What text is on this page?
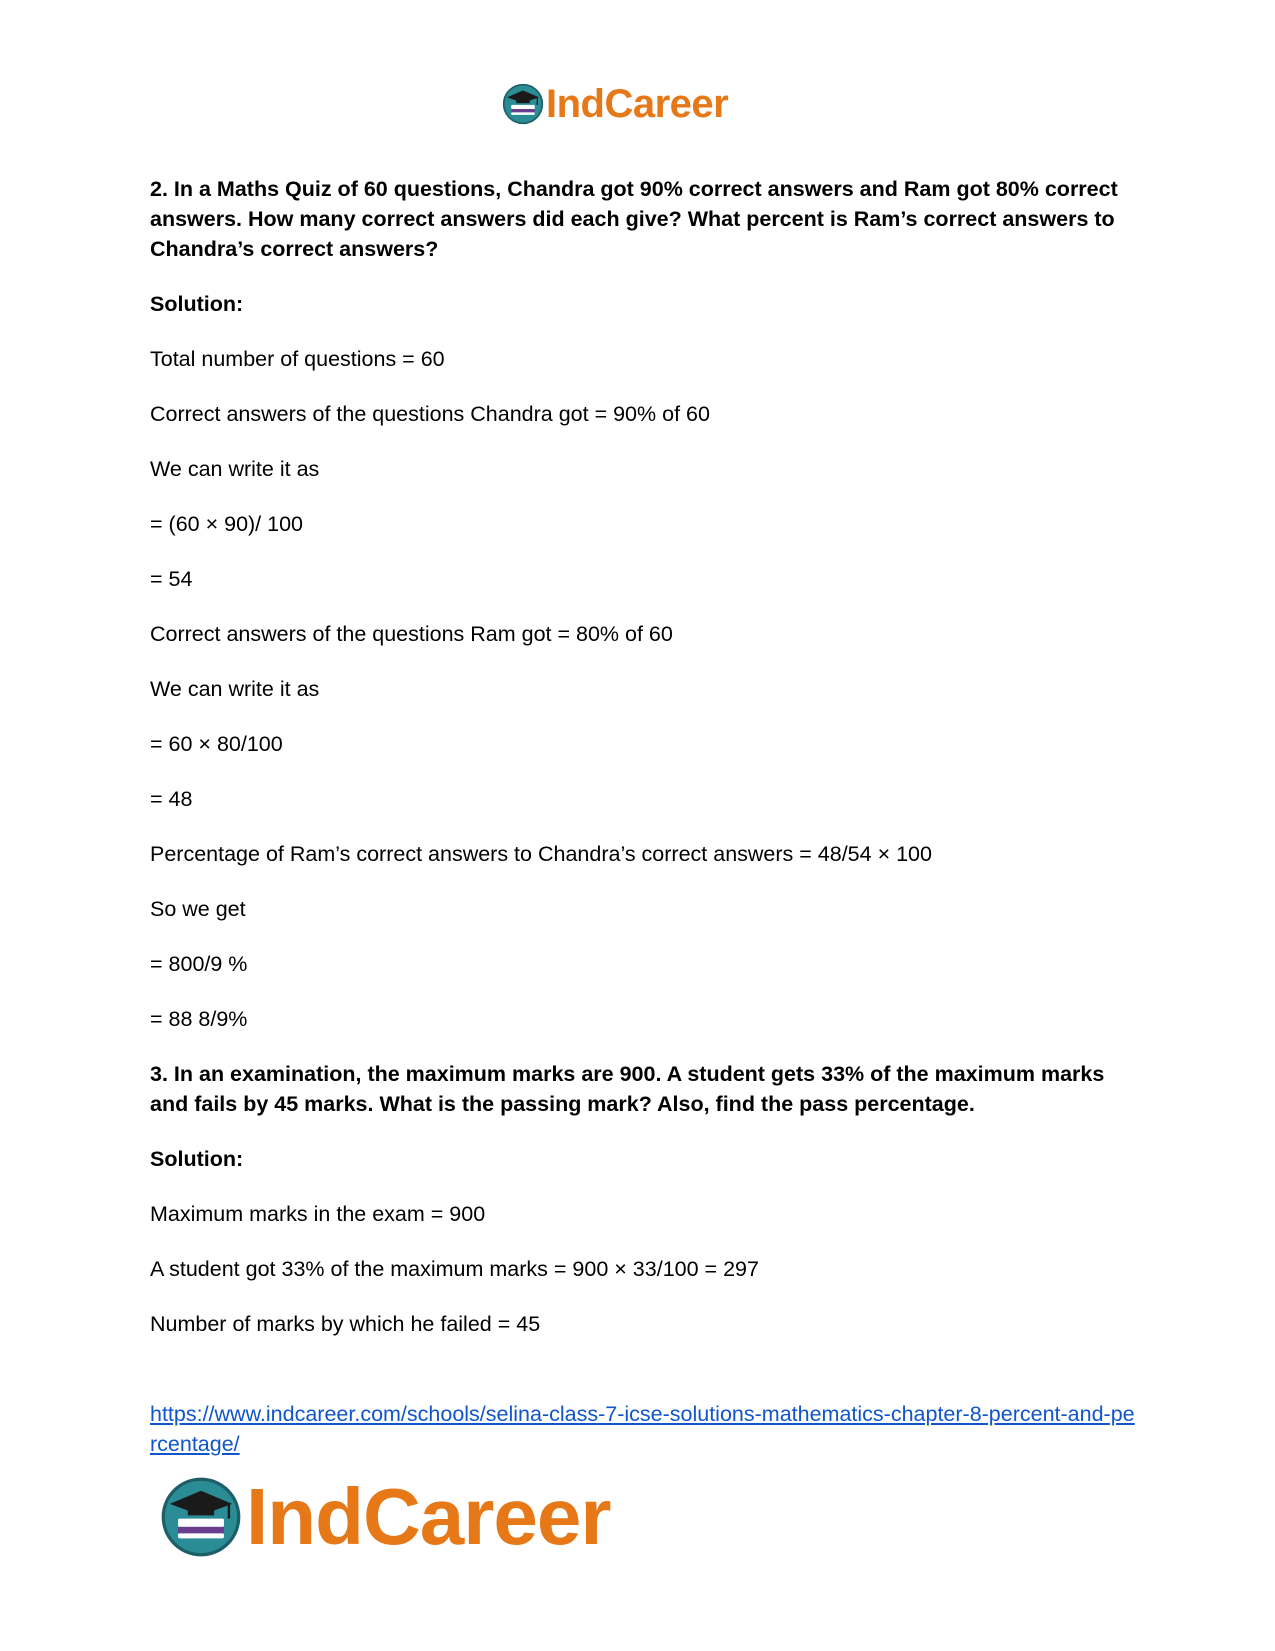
IndCareer

2. In a Maths Quiz of 60 questions, Chandra got 90% correct answers and Ram got 80% correct answers. How many correct answers did each give? What percent is Ram’s correct answers to Chandra’s correct answers?

Solution:

Total number of questions = 60

Correct answers of the questions Chandra got = 90% of 60

We can write it as

= (60 × 90)/ 100

= 54

Correct answers of the questions Ram got = 80% of 60

We can write it as

= 60 × 80/100

= 48

Percentage of Ram’s correct answers to Chandra’s correct answers = 48/54 × 100

So we get

= 800/9 %

= 88 8/9%

3. In an examination, the maximum marks are 900. A student gets 33% of the maximum marks and fails by 45 marks. What is the passing mark? Also, find the pass percentage.

Solution:

Maximum marks in the exam = 900

A student got 33% of the maximum marks = 900 × 33/100 = 297

Number of marks by which he failed = 45

https://www.indcareer.com/schools/selina-class-7-icse-solutions-mathematics-chapter-8-percent-and-percentage/
IndCareer
